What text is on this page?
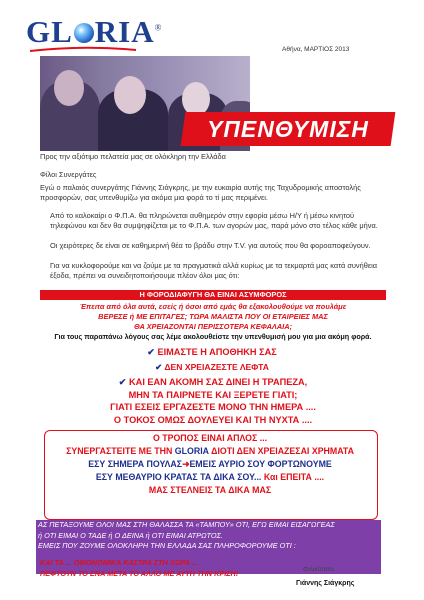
GL RIA®
Αθήνα, ΜΑΡΤΙΟΣ 2013
ΥΠΕΝΘΥΜΙΣΗ
Προς την αξιότιμο πελατεία μας σε ολόκληρη την Ελλάδα
Φίλοι Συνεργάτες
Εγώ ο παλαιός συνεργάτης Γιάννης Σιάγκρης, με την ευκαιρία αυτής της Ταχυδρομικής αποστολής προσφορών, σας υπενθυμίζω για ακόμα μια φορά το τί μας περιμένει.
Από το καλοκαίρι ο Φ.Π.Α. θα πληρώνεται αυθημερόν στην εφορία μέσω Η/Υ ή μέσω κινητού τηλεφώνου και δεν θα συμψηφίζεται με το Φ.Π.Α. των αγορών μας, παρά μόνο στο τέλος κάθε μήνα.
Οι χειρότερες δε είναι σε καθημερινή θέα το βράδυ στην Τ.V. για αυτούς που θα φοροαποφεύγουν.
Για να κυκλοφορούμε και να ζούμε με τα πραγματικά αλλά κυρίως με τα τεκμαρτά μας κατά συνήθεια έξοδα, πρέπει να συνειδητοποιήσουμε πλέον όλοι μας ότι:
Η ΦΟΡΟΔΙΑΦΥΓΗ ΘΑ ΕΙΝΑΙ ΑΣΥΜΦΟΡΟΣ
Έπειτα από όλα αυτά, εσείς ή όσοι από εμάς θα εξακολουθούμε να πουλάμε
ΒΕΡΕΣΕ ή ΜΕ ΕΠΙΤΑΓΕΣ; ΤΩΡΑ ΜΑΛΙΣΤΑ ΠΟΥ ΟΙ ΕΤΑΙΡΕΙΕΣ ΜΑΣ
ΘΑ ΧΡΕΙΑΖΟΝΤΑΙ ΠΕΡΙΣΣΟΤΕΡΑ ΚΕΦΑΛΑΙΑ;
Για τους παραπάνω λόγους σας λέμε ακολουθείστε την υπενθυμισή μου για μια ακόμη φορά.
✔ ΕΙΜΑΣΤΕ Η ΑΠΟΘΗΚΗ ΣΑΣ
✔ ΔΕΝ ΧΡΕΙΑΖΕΣΤΕ ΛΕΦΤΑ
✔ ΚΑΙ ΕΑΝ ΑΚΟΜΗ ΣΑΣ ΔΙΝΕΙ Η ΤΡΑΠΕΖΑ,
ΜΗΝ ΤΑ ΠΑΙΡΝΕΤΕ ΚΑΙ ΞΕΡΕΤΕ ΓΙΑΤΙ;
ΓΙΑΤΙ ΕΣΕΙΣ ΕΡΓΑΖΕΣΤΕ ΜΟΝΟ ΤΗΝ ΗΜΕΡΑ ....
Ο ΤΟΚΟΣ ΟΜΩΣ ΔΟΥΛΕΥΕΙ ΚΑΙ ΤΗ ΝΥΧΤΑ ....
Ο ΤΡΟΠΟΣ ΕΙΝΑΙ ΑΠΛΟΣ ...
ΣΥΝΕΡΓΑΣΤΕΙΤΕ ΜΕ ΤΗΝ GLORIA ΔΙΟΤΙ ΔΕΝ ΧΡΕΙΑΖΕΣΑΙ ΧΡΗΜΑΤΑ
ΕΣΥ ΣΗΜΕΡΑ ΠΟΥΛΑΣ➜ΕΜΕΙΣ ΑΥΡΙΟ ΣΟΥ ΦΟΡΤΩΝΟΥΜΕ
ΕΣΥ ΜΕΘΑΥΡΙΟ ΚΡΑΤΑΣ ΤΑ ΔΙΚΑ ΣΟΥ... Και ΕΠΕΙΤΑ ....
ΜΑΣ ΣΤΕΛΝΕΙΣ ΤΑ ΔΙΚΑ ΜΑΣ
ΑΣ ΠΕΤΑΞΟΥΜΕ ΟΛΟΙ ΜΑΣ ΣΤΗ ΘΑΛΑΣΣΑ ΤΑ «ΤΑΜΠΟΥ» ΟΤΙ, ΕΓΩ ΕΙΜΑΙ ΕΙΣΑΓΩΓΕΑΣ
ή ΟΤΙ ΕΙΜΑΙ Ο ΤΑΔΕ ή Ο ΔΕΙΝΑ ή ΟΤΙ ΕΙΜΑΙ ΑΤΡΩΤΟΣ.
ΕΜΕΙΣ ΠΟΥ ΖΟΥΜΕ ΟΛΟΚΛΗΡΗ ΤΗΝ ΕΛΛΑΔΑ ΣΑΣ ΠΛΗΡΟΦΟΡΟΥΜΕ ΟΤΙ :
ΚΑΙ ΤΑ ... ΟΙΚΟΝΟΜΙΚΑ ΚΑΣΤΡΑ ΣΤΗ ΧΩΡΑ ...
ΠΕΦΤΟΥΝ ΤΟ ΕΝΑ ΜΕΤΑ ΤΟ ΑΛΛΟ ΜΕ ΑΥΤΗ ΤΗΝ ΚΡΙΣΗ!	Φιλικότατα
Γιάννης Σιάγκρης
